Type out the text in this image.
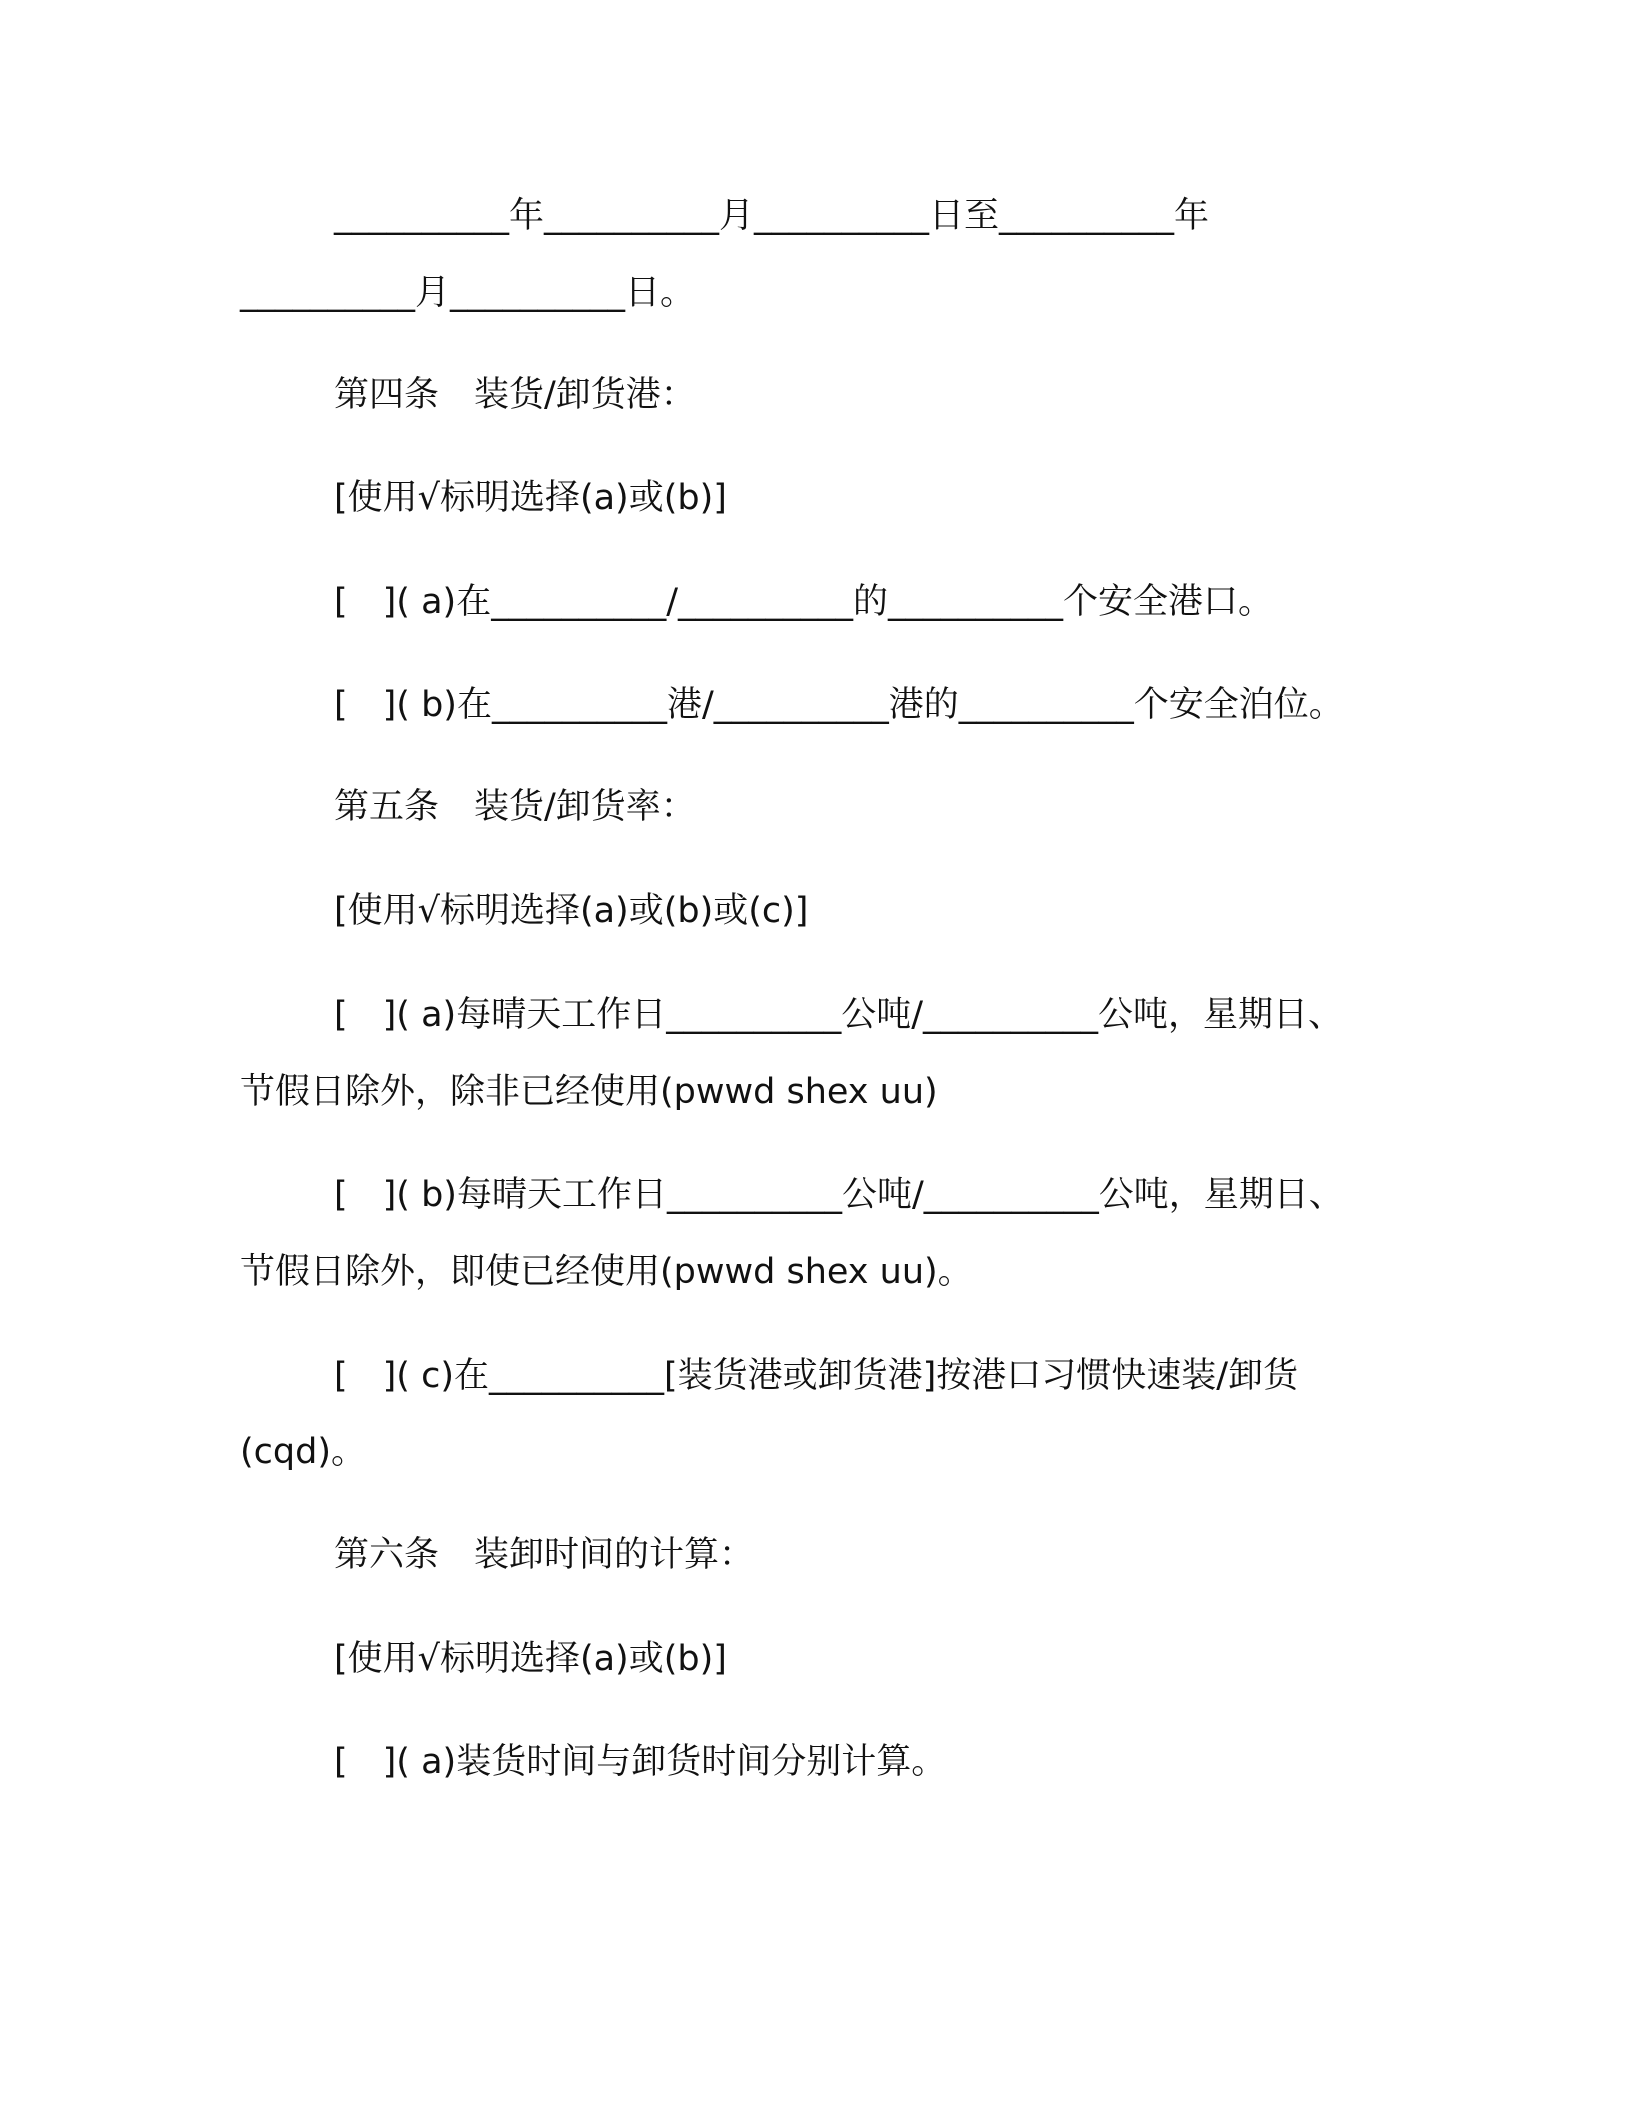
__________年__________月__________日至__________年
__________月__________日。
第四条　装货/卸货港：
[使用√标明选择(a)或(b)]
[　]( a)在__________/__________的__________个安全港口。
[　]( b)在__________港/__________港的__________个安全泊位。
第五条　装货/卸货率：
[使用√标明选择(a)或(b)或(c)]
[　]( a)每晴天工作日__________公吨/__________公吨，星期日、
节假日除外，除非已经使用(pwwd shex uu)
[　]( b)每晴天工作日__________公吨/__________公吨，星期日、
节假日除外，即使已经使用(pwwd shex uu)。
[　]( c)在__________[装货港或卸货港]按港口习惯快速装/卸货
(cqd)。
第六条　装卸时间的计算：
[使用√标明选择(a)或(b)]
[　]( a)装货时间与卸货时间分别计算。
